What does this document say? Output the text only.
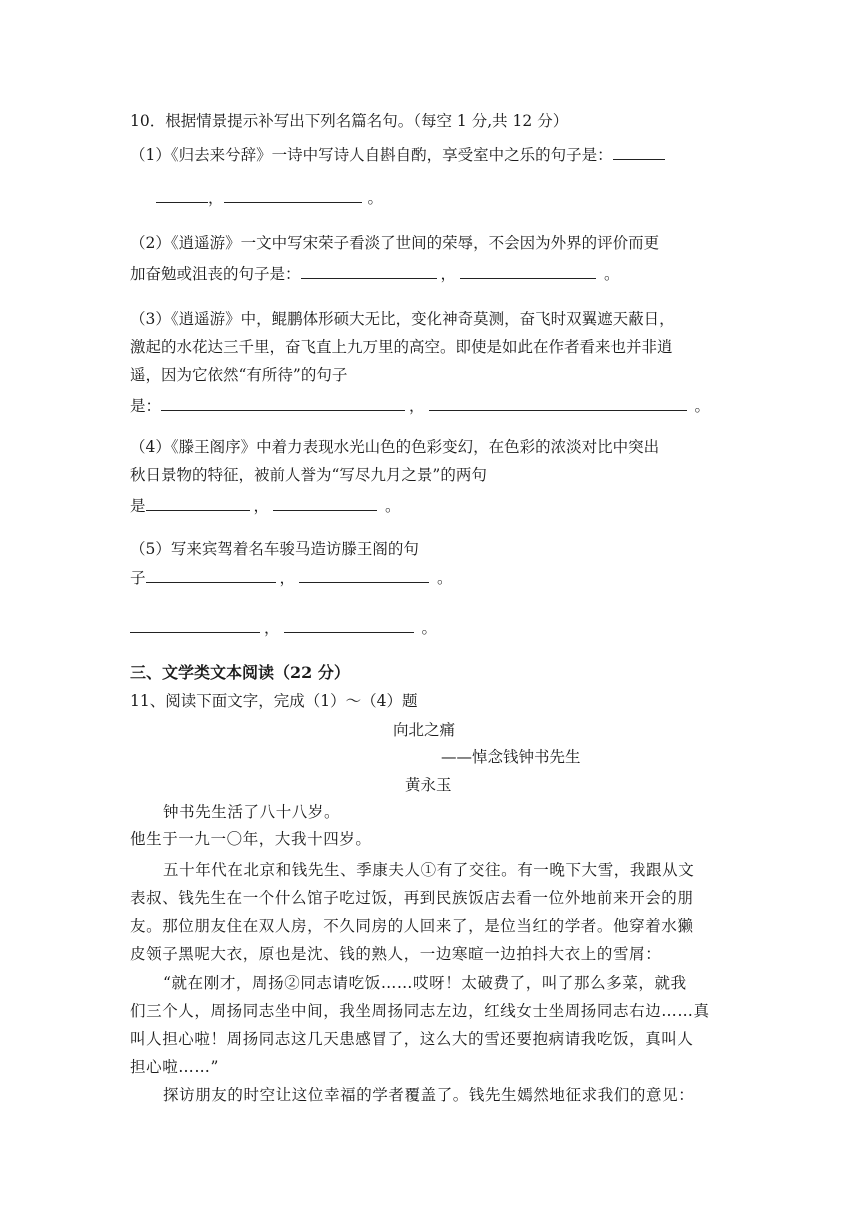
10．根据情景提示补写出下列名篇名句。（每空 1 分,共 12 分）
（1）《归去来兮辞》一诗中写诗人自斟自酌，享受室中之乐的句子是：
，	。
（2）《逍遥游》一文中写宋荣子看淡了世间的荣辱，不会因为外界的评价而更
加奋勉或沮丧的句子是：	，	。
（3）《逍遥游》中，鲲鹏体形硕大无比，变化神奇莫测，奋飞时双翼遮天蔽日，
激起的水花达三千里，奋飞直上九万里的高空。即使是如此在作者看来也并非逍
遥，因为它依然“有所待”的句子
是：	，	。
（4）《滕王阁序》中着力表现水光山色的色彩变幻，在色彩的浓淡对比中突出
秋日景物的特征，被前人誉为“写尽九月之景”的两句
是	，	。
（5）写来宾驾着名车骏马造访滕王阁的句
子	，	。
，	。
三、文学类文本阅读（22 分）
11、阅读下面文字，完成（1）～（4）题
向北之痛
——悼念钱钟书先生
黄永玉
钟书先生活了八十八岁。
他生于一九一〇年，大我十四岁。
五十年代在北京和钱先生、季康夫人①有了交往。有一晚下大雪，我跟从文
表叔、钱先生在一个什么馆子吃过饭，再到民族饭店去看一位外地前来开会的朋
友。那位朋友住在双人房，不久同房的人回来了，是位当红的学者。他穿着水獭
皮领子黑呢大衣，原也是沈、钱的熟人，一边寒暄一边拍抖大衣上的雪屑：
“就在刚才，周扬②同志请吃饭……哎呀！太破费了，叫了那么多菜，就我
们三个人，周扬同志坐中间，我坐周扬同志左边，红线女士坐周扬同志右边……真
叫人担心啦！周扬同志这几天患感冒了，这么大的雪还要抱病请我吃饭，真叫人
担心啦……”
探访朋友的时空让这位幸福的学者覆盖了。钱先生嫣然地征求我们的意见：
